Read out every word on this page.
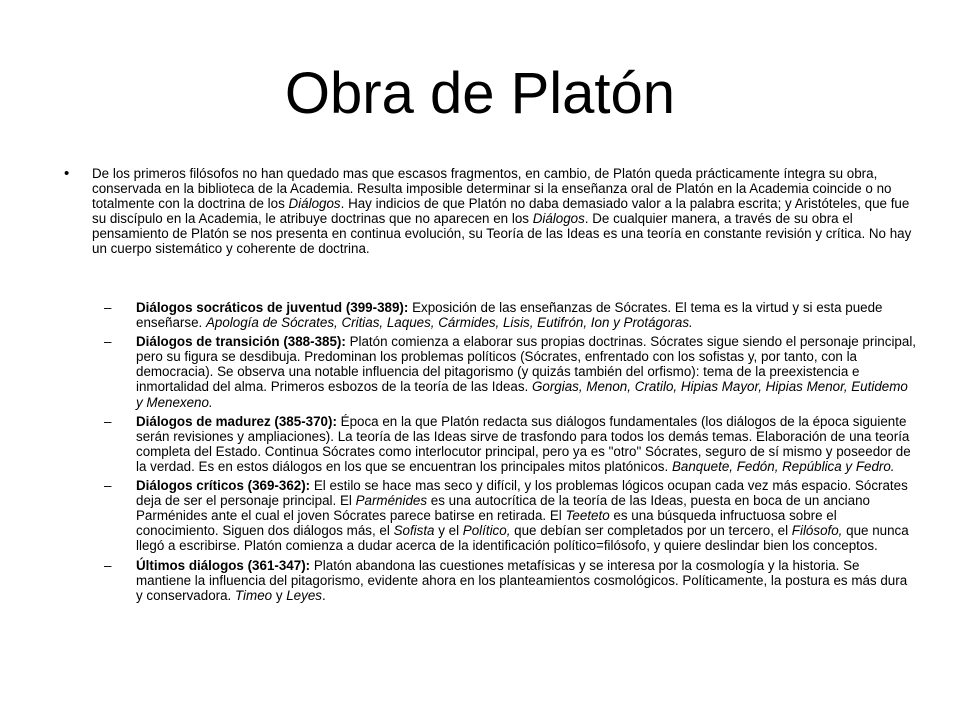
Obra de Platón
• De los primeros filósofos no han quedado mas que escasos fragmentos, en cambio, de Platón queda prácticamente íntegra su obra, conservada en la biblioteca de la Academia. Resulta imposible determinar si la enseñanza oral de Platón en la Academia coincide o no totalmente con la doctrina de los Diálogos. Hay indicios de que Platón no daba demasiado valor a la palabra escrita; y Aristóteles, que fue su discípulo en la Academia, le atribuye doctrinas que no aparecen en los Diálogos. De cualquier manera, a través de su obra el pensamiento de Platón se nos presenta en continua evolución, su Teoría de las Ideas es una teoría en constante revisión y crítica. No hay un cuerpo sistemático y coherente de doctrina.
– Diálogos socráticos de juventud (399-389): Exposición de las enseñanzas de Sócrates. El tema es la virtud y si esta puede enseñarse. Apología de Sócrates, Critias, Laques, Cármides, Lisis, Eutifrón, Ion y Protágoras.
– Diálogos de transición (388-385): Platón comienza a elaborar sus propias doctrinas. Sócrates sigue siendo el personaje principal, pero su figura se desdibuja. Predominan los problemas políticos (Sócrates, enfrentado con los sofistas y, por tanto, con la democracia). Se observa una notable influencia del pitagorismo (y quizás también del orfismo): tema de la preexistencia e inmortalidad del alma. Primeros esbozos de la teoría de las Ideas. Gorgias, Menon, Cratilo, Hipias Mayor, Hipias Menor, Eutidemo y Menexeno.
– Diálogos de madurez (385-370): Época en la que Platón redacta sus diálogos fundamentales (los diálogos de la época siguiente serán revisiones y ampliaciones). La teoría de las Ideas sirve de trasfondo para todos los demás temas. Elaboración de una teoría completa del Estado. Continua Sócrates como interlocutor principal, pero ya es "otro" Sócrates, seguro de sí mismo y poseedor de la verdad. Es en estos diálogos en los que se encuentran los principales mitos platónicos. Banquete, Fedón, República y Fedro.
– Diálogos críticos (369-362): El estilo se hace mas seco y difícil, y los problemas lógicos ocupan cada vez más espacio. Sócrates deja de ser el personaje principal. El Parménides es una autocrítica de la teoría de las Ideas, puesta en boca de un anciano Parménides ante el cual el joven Sócrates parece batirse en retirada. El Teeteto es una búsqueda infructuosa sobre el conocimiento. Siguen dos diálogos más, el Sofista y el Político, que debían ser completados por un tercero, el Filósofo, que nunca llegó a escribirse. Platón comienza a dudar acerca de la identificación político=filósofo, y quiere deslindar bien los conceptos.
– Últimos diálogos (361-347): Platón abandona las cuestiones metafísicas y se interesa por la cosmología y la historia. Se mantiene la influencia del pitagorismo, evidente ahora en los planteamientos cosmológicos. Políticamente, la postura es más dura y conservadora. Timeo y Leyes.
